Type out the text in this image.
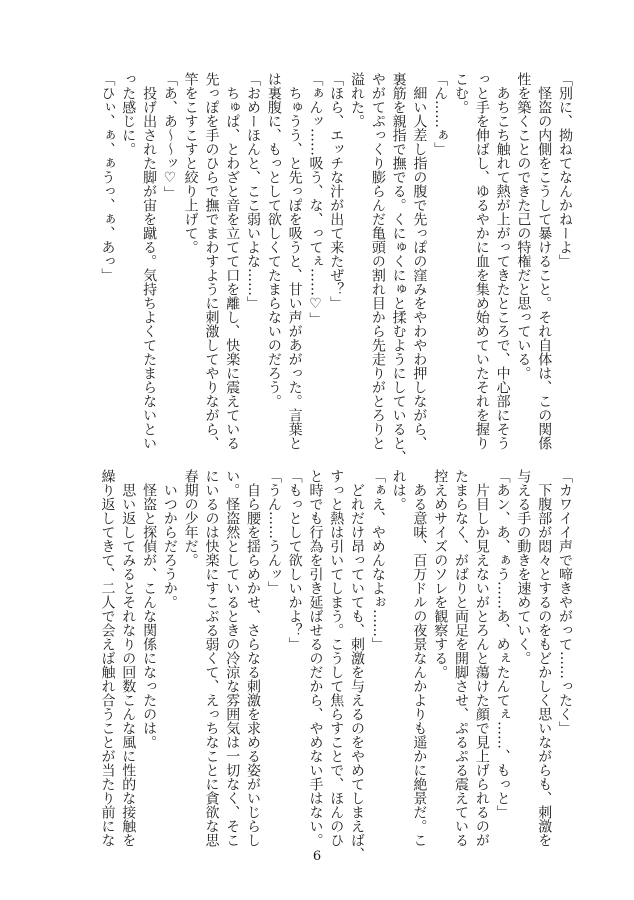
「別に、拗ねてなんかねーよ」

　怪盗の内側をこうして暴けること。それ自体は、この関係

性を築くことのできた己の特権だと思っている。

　あちこち触れて熱が上がってきたところで、中心部にそう

っと手を伸ばし、ゆるやかに血を集め始めていたそれを握り

こむ。

「ん……ぁ」

　細い人差し指の腹で先っぽの窪みをやわやわ押しながら、

裏筋を親指で撫でる。くにゅくにゅと揉むようにしていると、

やがてぷっくり膨らんだ亀頭の割れ目から先走りがとろりと

溢れた。

「ほら、エッチな汁が出て来たぜ？」

「ぁんッ……吸う、な、ってぇ……♡」

　ちゅうう、と先っぽを吸うと、甘い声があがった。言葉と

は裏腹に、もっとして欲しくてたまらないのだろう。

「おめーほんと、ここ弱いよな……」

　ちゅぱ、とわざと音を立てて口を離し、快楽に震えている

先っぽを手のひらで撫でまわすように刺激してやりながら、

竿をこすこすと絞り上げて。

「あ、あ〜〜ッ♡」

　投げ出された脚が宙を蹴る。気持ちよくてたまらないとい

った感じに。

「ひぃ、ぁ、ぁうっ、ぁ、あっ」

「カワイイ声で啼きやがって……ったく」

　下腹部が悶々とするのをもどかしく思いながらも、刺激を

与える手の動きを速めていく。

「あン、あ、ぁう……あ、めぇたんてぇ……、もっと」

　片目しか見えないがとろんと蕩けた顔で見上げられるのが

たまらなく、がばりと両足を開脚させ、ぷるぷる震えている

控えめサイズのソレを観察する。

　ある意味、百万ドルの夜景なんかよりも遥かに絶景だ。こ

れは。

「ぁえ、やめんなよぉ……」

　どれだけ昂っていても、刺激を与えるのをやめてしまえば、

すっと熱は引いてしまう。こうして焦らすことで、ほんのひ

と時でも行為を引き延ばせるのだから、やめない手はない。

「もっとして欲しいかよ？」

「うん……うんッ」

　自ら腰を揺らめかせ、さらなる刺激を求める姿がいじらし

い。怪盗然としているときの冷涼な雰囲気は一切なく、そこ

にいるのは快楽にすこぶる弱くて、えっちなことに貪欲な思

春期の少年だ。

　いつからだろうか。

　怪盗と探偵が、こんな関係になったのは。

　思い返してみるとそれなりの回数こんな風に性的な接触を

繰り返してきて、二人で会えば触れ合うことが当たり前にな

6
